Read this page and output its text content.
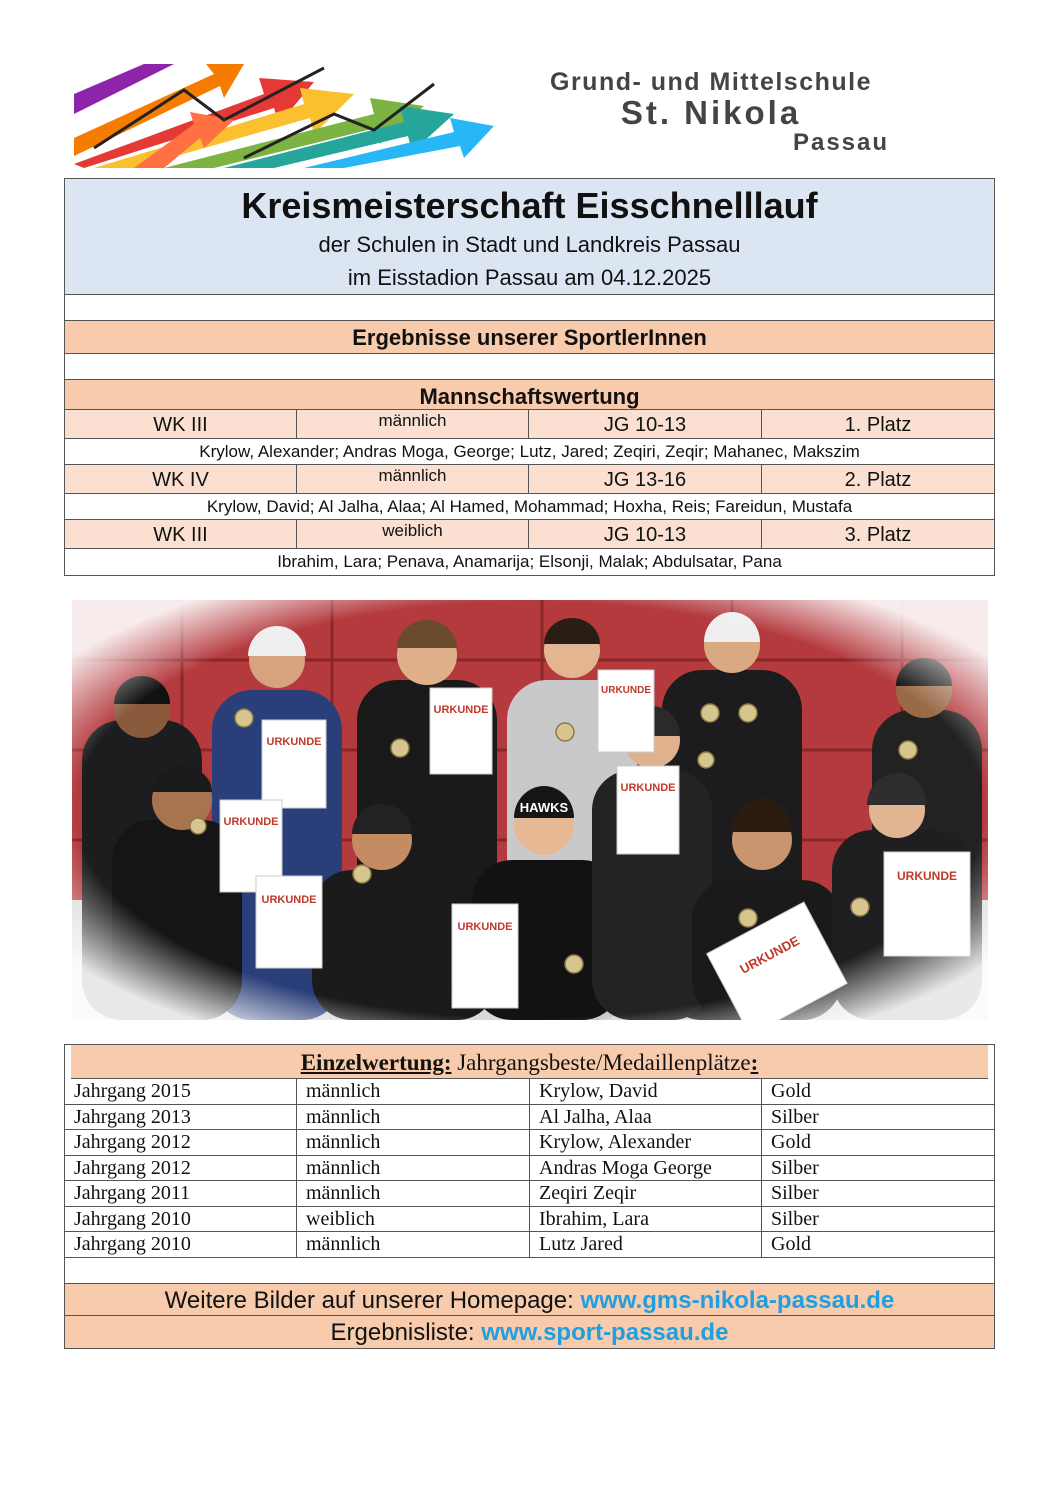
Grund- und Mittelschule
St. Nikola
Passau
Kreismeisterschaft Eisschnelllauf
der Schulen in Stadt und Landkreis Passau
im Eisstadion Passau am 04.12.2025
Ergebnisse unserer SportlerInnen
Mannschaftswertung
WK III	männlich	JG 10-13	1. Platz
Krylow, Alexander; Andras Moga, George; Lutz, Jared; Zeqiri, Zeqir; Mahanec, Makszim
WK IV	männlich	JG 13-16	2. Platz
Krylow, David; Al Jalha, Alaa; Al Hamed, Mohammad; Hoxha, Reis; Fareidun, Mustafa
WK III	weiblich	JG 10-13	3. Platz
Ibrahim, Lara; Penava, Anamarija; Elsonji, Malak; Abdulsatar, Pana
Einzelwertung: Jahrgangsbeste/Medaillenplätze:
Jahrgang 2015	männlich	Krylow, David	Gold
Jahrgang 2013	männlich	Al Jalha, Alaa	Silber
Jahrgang 2012	männlich	Krylow, Alexander	Gold
Jahrgang 2012	männlich	Andras Moga George	Silber
Jahrgang 2011	männlich	Zeqiri Zeqir	Silber
Jahrgang 2010	weiblich	Ibrahim, Lara	Silber
Jahrgang 2010	männlich	Lutz Jared	Gold
Weitere Bilder auf unserer Homepage: www.gms-nikola-passau.de
Ergebnisliste: www.sport-passau.de
